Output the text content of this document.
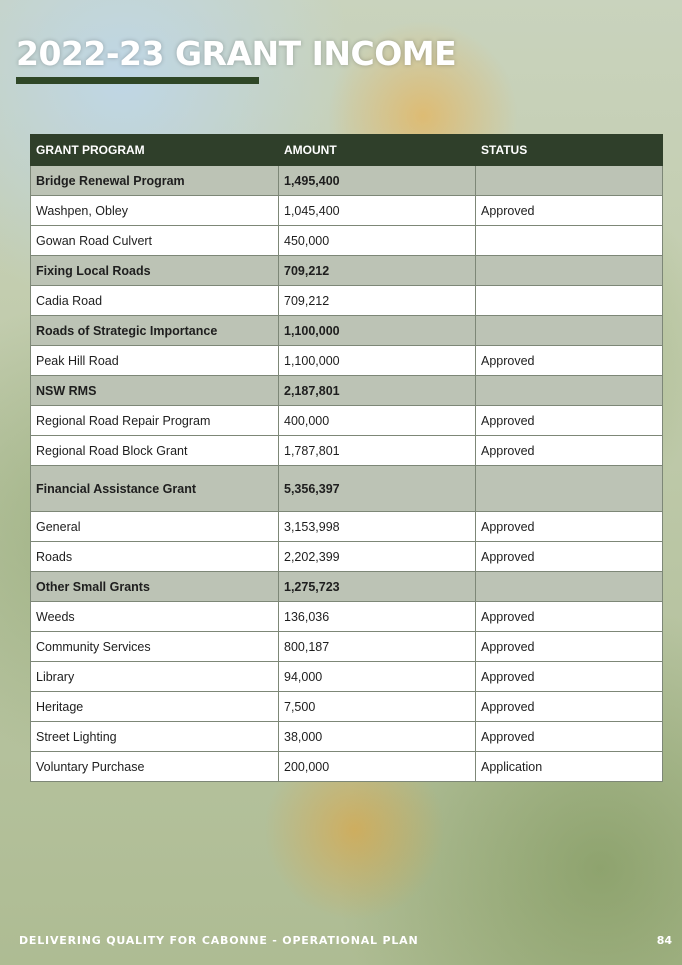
2022-23 GRANT INCOME
GRANT PROGRAM	AMOUNT	STATUS
Bridge Renewal Program	1,495,400	
Washpen, Obley	1,045,400	Approved
Gowan Road Culvert	450,000	
Fixing Local Roads	709,212	
Cadia Road	709,212	
Roads of Strategic Importance	1,100,000	
Peak Hill Road	1,100,000	Approved
NSW RMS	2,187,801	
Regional Road Repair Program	400,000	Approved
Regional Road Block Grant	1,787,801	Approved
Financial Assistance Grant	5,356,397	
General	3,153,998	Approved
Roads	2,202,399	Approved
Other Small Grants	1,275,723	
Weeds	136,036	Approved
Community Services	800,187	Approved
Library	94,000	Approved
Heritage	7,500	Approved
Street Lighting	38,000	Approved
Voluntary Purchase	200,000	Application
DELIVERING QUALITY FOR CABONNE - OPERATIONAL PLAN	84
